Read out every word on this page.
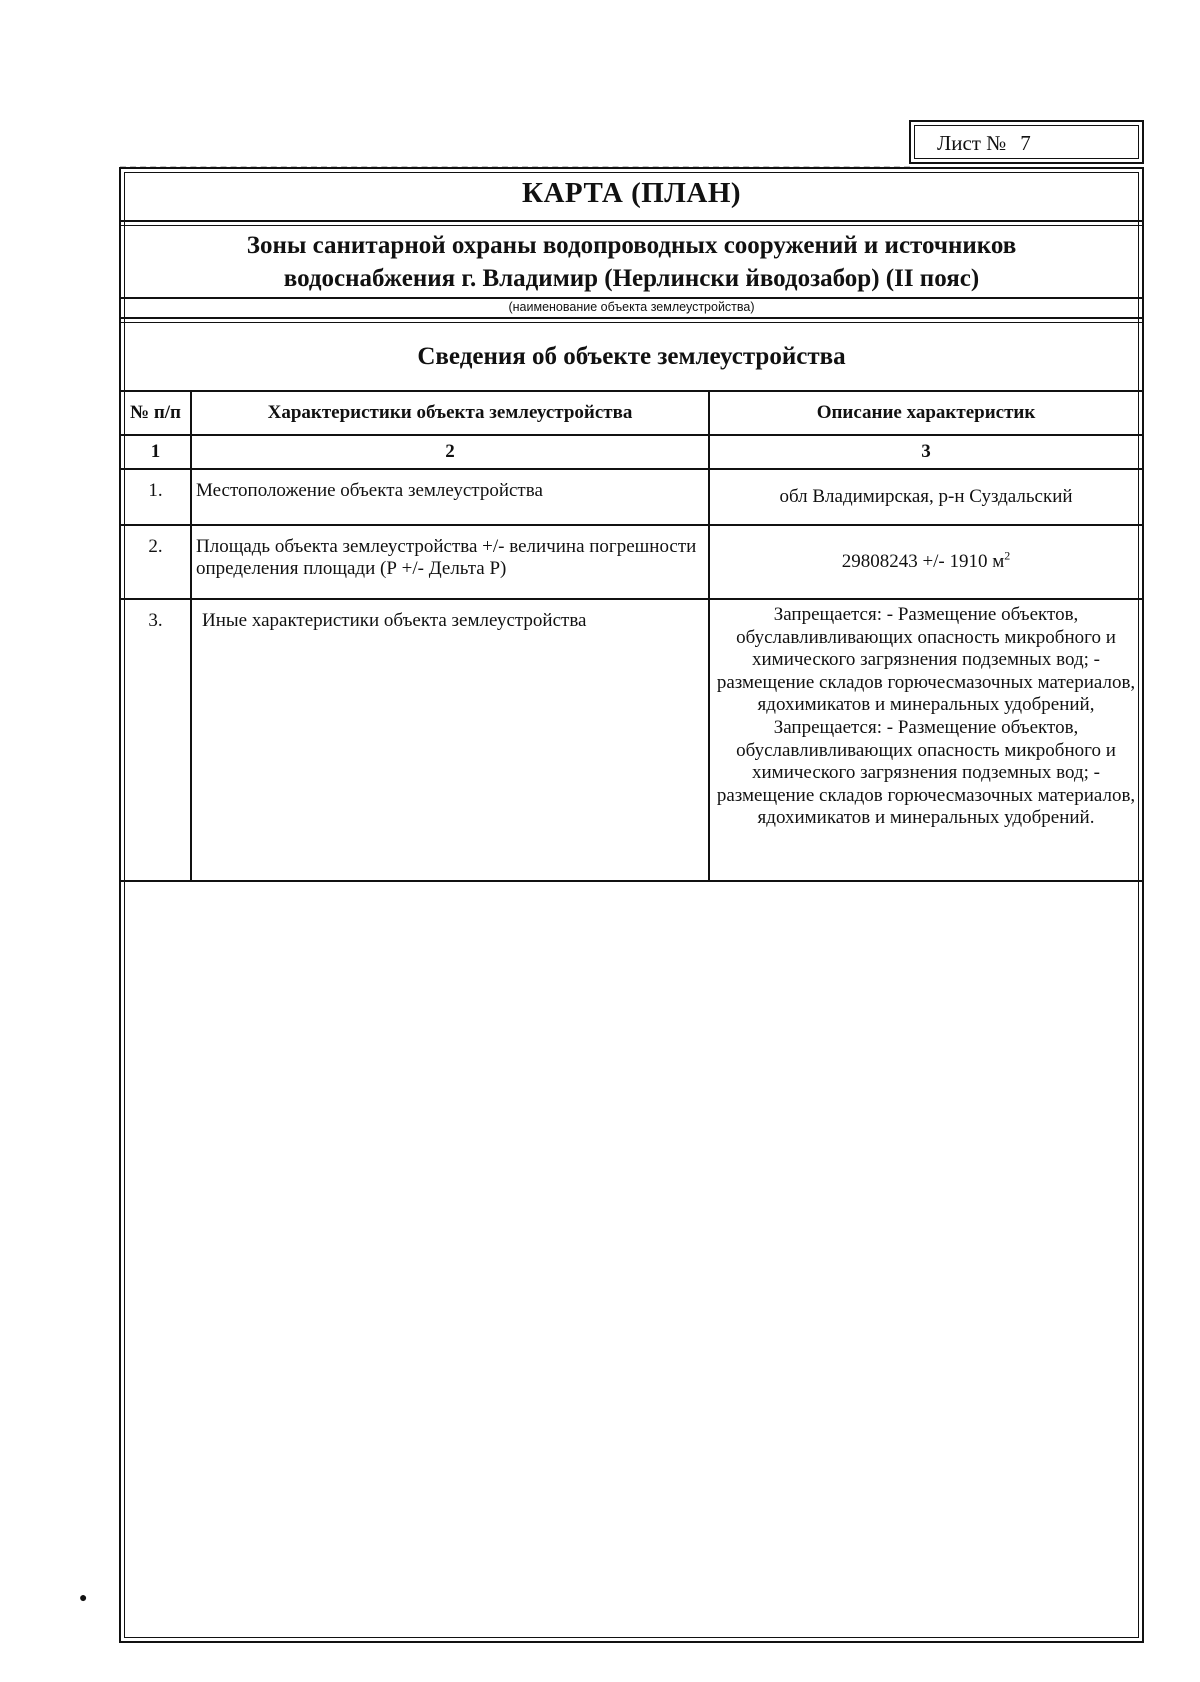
Лист № 7
КАРТА (ПЛАН)
Зоны санитарной охраны водопроводных сооружений и источников водоснабжения г. Владимир (Нерлински йводозабор) (II пояс)
(наименование объекта землеустройства)
Сведения об объекте землеустройства
№ п/п	Характеристики объекта землеустройства	Описание характеристик
1	2	3
1.	Местоположение объекта землеустройства	обл Владимирская, р-н Суздальский
2.	Площадь объекта землеустройства +/- величина погрешности определения площади (Р +/- Дельта Р)	29808243 +/- 1910 $м^2$
3.	Иные характеристики объекта землеустройства	Запрещается: - Размещение объектов, обуславливливающих опасность микробного и химического загрязнения подземных вод; - размещение складов горючесмазочных материалов, ядохимикатов и минеральных удобрений, Запрещается: - Размещение объектов, обуславливливающих опасность микробного и химического загрязнения подземных вод; - размещение складов горючесмазочных материалов, ядохимикатов и минеральных удобрений.
●
